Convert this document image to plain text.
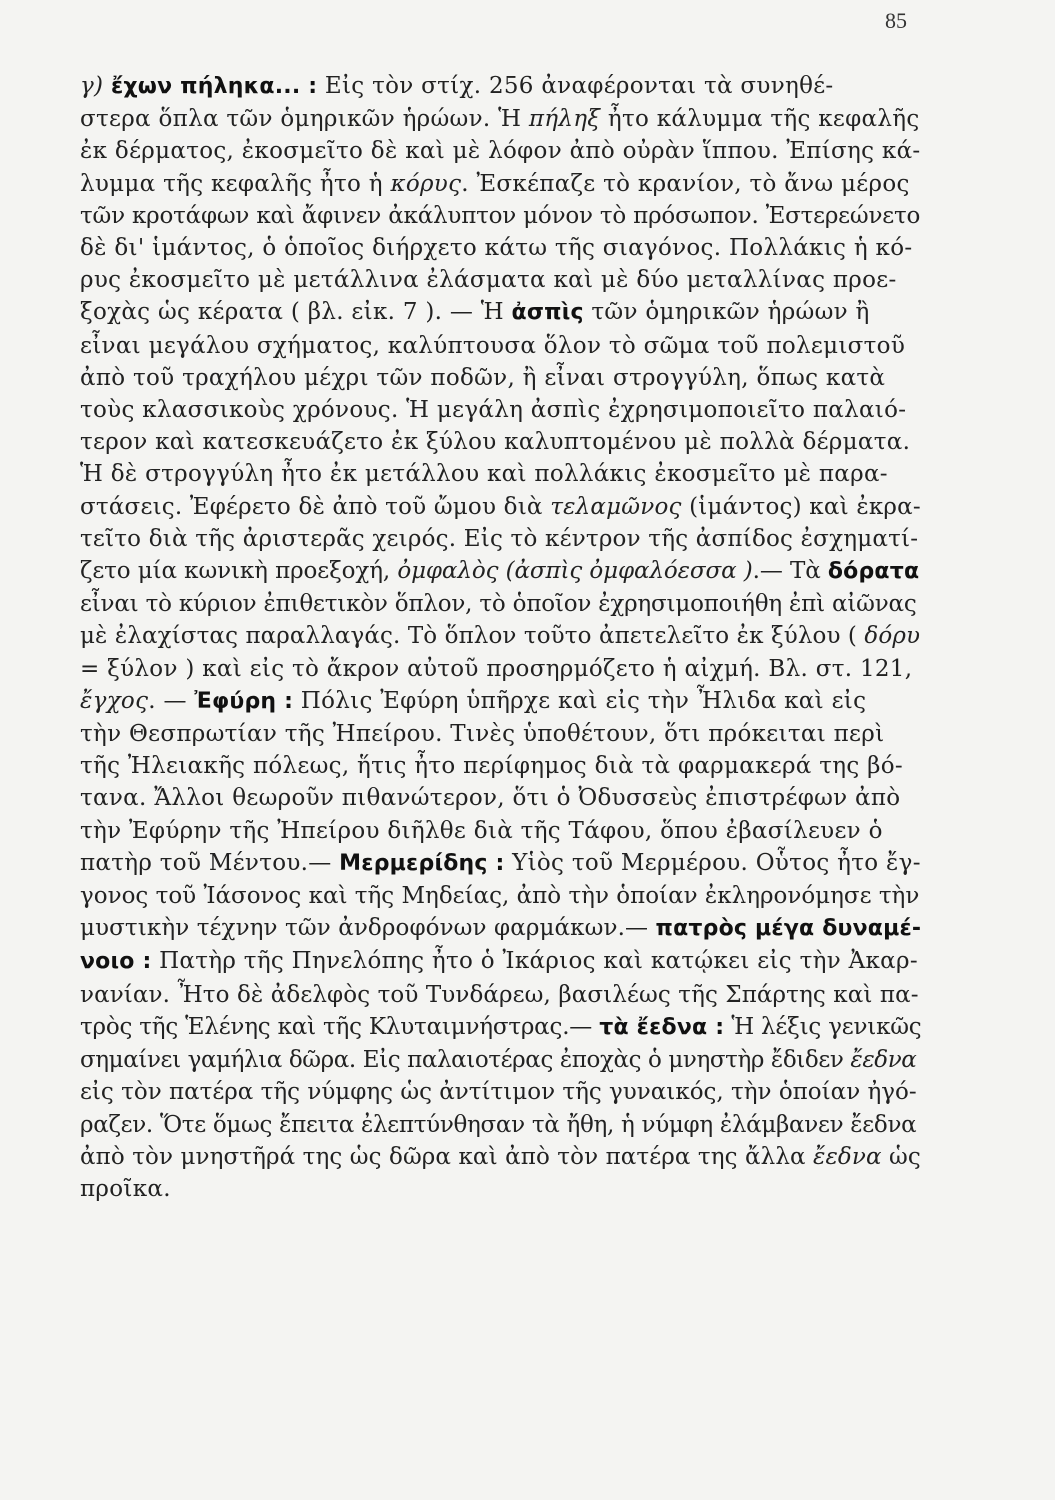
85
γ) ἔχων πήληκα... : Εἰς τὸν στίχ. 256 ἀναφέρονται τὰ συνηθέ-
στερα ὅπλα τῶν ὁμηρικῶν ἡρώων. Ἡ πήληξ ἦτο κάλυμμα τῆς κεφαλῆς
ἐκ δέρματος, ἐκοσμεῖτο δὲ καὶ μὲ λόφον ἀπὸ οὐρὰν ἵππου. Ἐπίσης κά-
λυμμα τῆς κεφαλῆς ἦτο ἡ κόρυς. Ἐσκέπαζε τὸ κρανίον, τὸ ἄνω μέρος
τῶν κροτάφων καὶ ἄφινεν ἀκάλυπτον μόνον τὸ πρόσωπον. Ἐστερεώνετο
δὲ δι' ἱμάντος, ὁ ὁποῖος διήρχετο κάτω τῆς σιαγόνος. Πολλάκις ἡ κό-
ρυς ἐκοσμεῖτο μὲ μετάλλινα ἐλάσματα καὶ μὲ δύο μεταλλίνας προε-
ξοχὰς ὡς κέρατα ( βλ. εἰκ. 7 ). — Ἡ ἀσπὶς τῶν ὁμηρικῶν ἡρώων ἢ
εἶναι μεγάλου σχήματος, καλύπτουσα ὅλον τὸ σῶμα τοῦ πολεμιστοῦ
ἀπὸ τοῦ τραχήλου μέχρι τῶν ποδῶν, ἢ εἶναι στρογγύλη, ὅπως κατὰ
τοὺς κλασσικοὺς χρόνους. Ἡ μεγάλη ἀσπὶς ἐχρησιμοποιεῖτο παλαιό-
τερον καὶ κατεσκευάζετο ἐκ ξύλου καλυπτομένου μὲ πολλὰ δέρματα.
Ἡ δὲ στρογγύλη ἦτο ἐκ μετάλλου καὶ πολλάκις ἐκοσμεῖτο μὲ παρα-
στάσεις. Ἐφέρετο δὲ ἀπὸ τοῦ ὤμου διὰ τελαμῶνος (ἱμάντος) καὶ ἐκρα-
τεῖτο διὰ τῆς ἀριστερᾶς χειρός. Εἰς τὸ κέντρον τῆς ἀσπίδος ἐσχηματί-
ζετο μία κωνικὴ προεξοχή, ὀμφαλὸς (ἀσπὶς ὀμφαλόεσσα ).— Τὰ δόρατα
εἶναι τὸ κύριον ἐπιθετικὸν ὅπλον, τὸ ὁποῖον ἐχρησιμοποιήθη ἐπὶ αἰῶνας
μὲ ἐλαχίστας παραλλαγάς. Τὸ ὅπλον τοῦτο ἀπετελεῖτο ἐκ ξύλου ( δόρυ
= ξύλον ) καὶ εἰς τὸ ἄκρον αὐτοῦ προσηρμόζετο ἡ αἰχμή. Βλ. στ. 121,
ἔγχος. — Ἐφύρη : Πόλις Ἐφύρη ὑπῆρχε καὶ εἰς τὴν Ἦλιδα καὶ εἰς
τὴν Θεσπρωτίαν τῆς Ἠπείρου. Τινὲς ὑποθέτουν, ὅτι πρόκειται περὶ
τῆς Ἠλειακῆς πόλεως, ἥτις ἦτο περίφημος διὰ τὰ φαρμακερά της βό-
τανα. Ἄλλοι θεωροῦν πιθανώτερον, ὅτι ὁ Ὀδυσσεὺς ἐπιστρέφων ἀπὸ
τὴν Ἐφύρην τῆς Ἠπείρου διῆλθε διὰ τῆς Τάφου, ὅπου ἐβασίλευεν ὁ
πατὴρ τοῦ Μέντου.— Μερμερίδης : Υἱὸς τοῦ Μερμέρου. Οὗτος ἦτο ἔγ-
γονος τοῦ Ἰάσονος καὶ τῆς Μηδείας, ἀπὸ τὴν ὁποίαν ἐκληρονόμησε τὴν
μυστικὴν τέχνην τῶν ἀνδροφόνων φαρμάκων.— πατρὸς μέγα δυναμέ-
νοιο : Πατὴρ τῆς Πηνελόπης ἦτο ὁ Ἰκάριος καὶ κατῴκει εἰς τὴν Ἀκαρ-
νανίαν. Ἦτο δὲ ἀδελφὸς τοῦ Τυνδάρεω, βασιλέως τῆς Σπάρτης καὶ πα-
τρὸς τῆς Ἑλένης καὶ τῆς Κλυταιμνήστρας.— τὰ ἔεδνα : Ἡ λέξις γενικῶς
σημαίνει γαμήλια δῶρα. Εἰς παλαιοτέρας ἐποχὰς ὁ μνηστὴρ ἔδιδεν ἔεδνα
εἰς τὸν πατέρα τῆς νύμφης ὡς ἀντίτιμον τῆς γυναικός, τὴν ὁποίαν ἠγό-
ραζεν. Ὅτε ὅμως ἔπειτα ἐλεπτύνθησαν τὰ ἤθη, ἡ νύμφη ἐλάμβανεν ἔεδνα
ἀπὸ τὸν μνηστῆρά της ὡς δῶρα καὶ ἀπὸ τὸν πατέρα της ἄλλα ἔεδνα ὡς
προῖκα.
